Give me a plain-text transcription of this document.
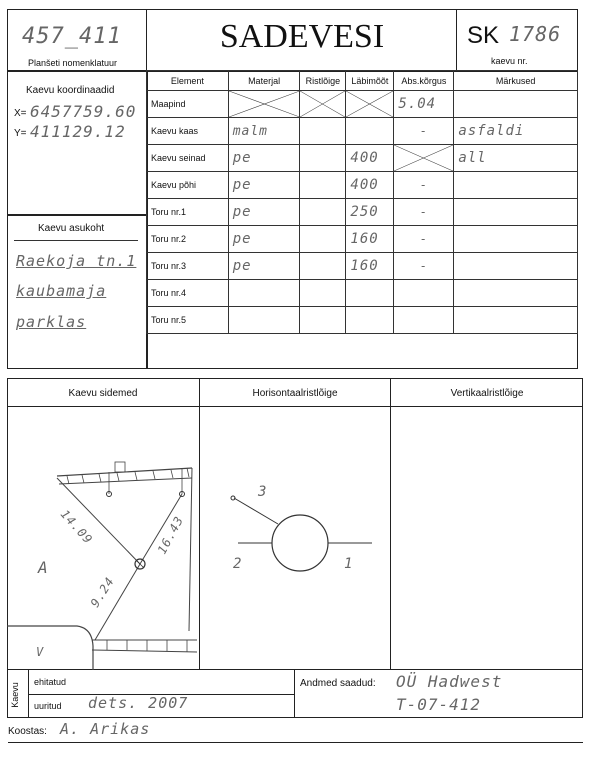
457_411
Planšeti nomenklatuur
SADEVESI	SK 1786
kaevu nr.
Kaevu koordinaadid
X= 6457759.60
Y= 411129.12
Kaevu asukoht
Raekoja tn.1
kaubamaja
parklas
Element	Materjal	Ristlõige	Läbimõõt	Abs.kõrgus	Märkused
Maapind				5.04	
Kaevu kaas	malm			-	asfaldi
Kaevu seinad	pe		400		all
Kaevu põhi	pe		400	-	
Toru nr.1	pe		250	-	
Toru nr.2	pe		160	-	
Toru nr.3	pe		160	-	
Toru nr.4					
Toru nr.5					
Kaevu sidemed	Horisontaalristlõige	Vertikaalristlõige
14.09	16.43
9.24
A
V
3
2	1
Kaevu
ehitatud
uuritud dets. 2007
Andmed saadud: OÜ Hadwest
T-07-412
Koostas: A. Arikas
